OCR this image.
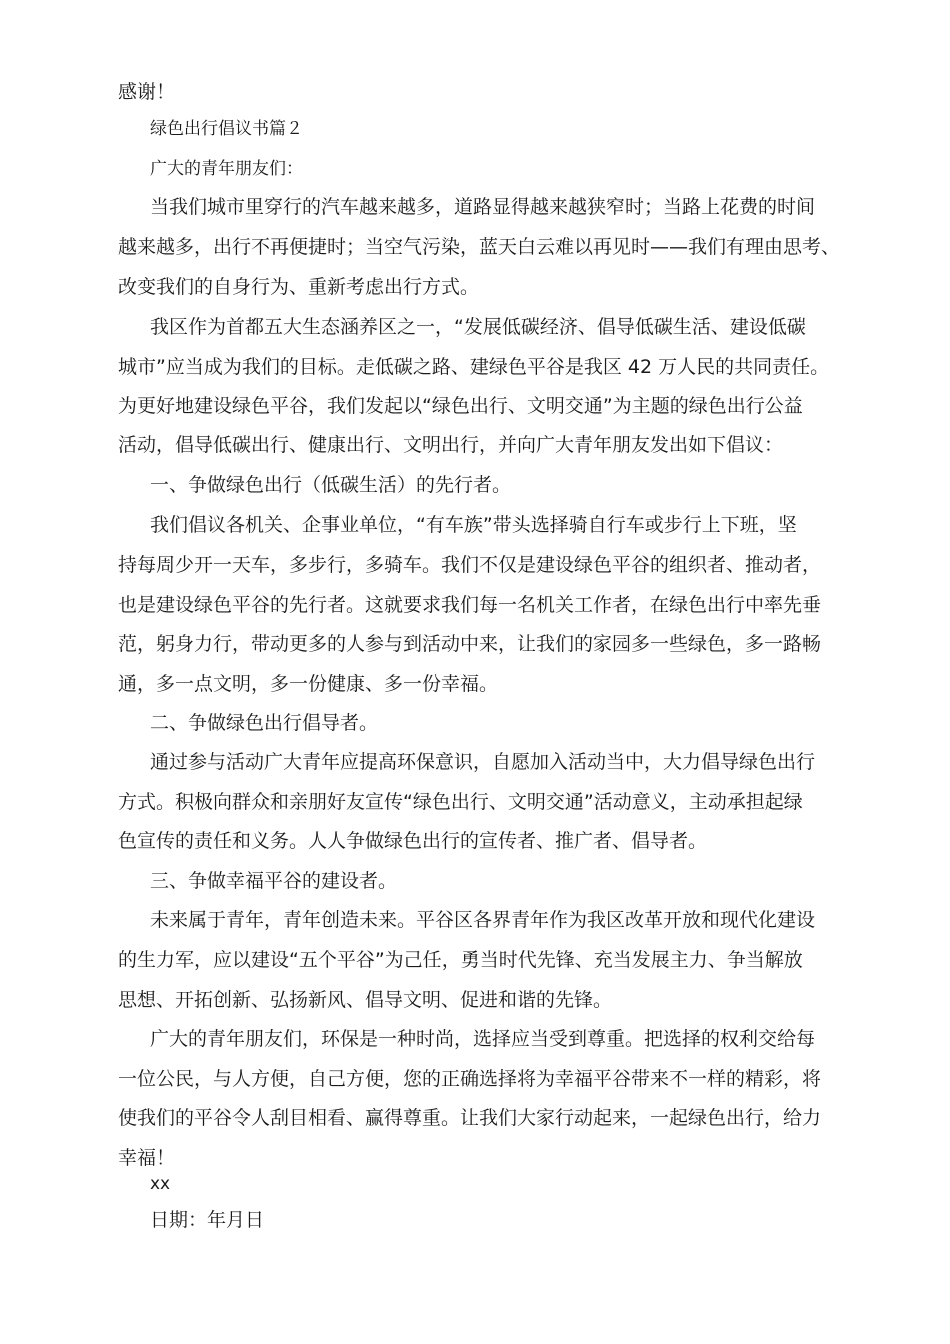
感谢！
绿色出行倡议书篇２
广大的青年朋友们：
当我们城市里穿行的汽车越来越多，道路显得越来越狭窄时；当路上花费的时间
越来越多，出行不再便捷时；当空气污染，蓝天白云难以再见时——我们有理由思考、
改变我们的自身行为、重新考虑出行方式。
我区作为首都五大生态涵养区之一，“发展低碳经济、倡导低碳生活、建设低碳
城市”应当成为我们的目标。走低碳之路、建绿色平谷是我区 42 万人民的共同责任。
为更好地建设绿色平谷，我们发起以“绿色出行、文明交通”为主题的绿色出行公益
活动，倡导低碳出行、健康出行、文明出行，并向广大青年朋友发出如下倡议：
一、争做绿色出行（低碳生活）的先行者。
我们倡议各机关、企事业单位，“有车族”带头选择骑自行车或步行上下班，坚
持每周少开一天车，多步行，多骑车。我们不仅是建设绿色平谷的组织者、推动者，
也是建设绿色平谷的先行者。这就要求我们每一名机关工作者，在绿色出行中率先垂
范，躬身力行，带动更多的人参与到活动中来，让我们的家园多一些绿色，多一路畅
通，多一点文明，多一份健康、多一份幸福。
二、争做绿色出行倡导者。
通过参与活动广大青年应提高环保意识，自愿加入活动当中，大力倡导绿色出行
方式。积极向群众和亲朋好友宣传“绿色出行、文明交通”活动意义，主动承担起绿
色宣传的责任和义务。人人争做绿色出行的宣传者、推广者、倡导者。
三、争做幸福平谷的建设者。
未来属于青年，青年创造未来。平谷区各界青年作为我区改革开放和现代化建设
的生力军，应以建设“五个平谷”为己任，勇当时代先锋、充当发展主力、争当解放
思想、开拓创新、弘扬新风、倡导文明、促进和谐的先锋。
广大的青年朋友们，环保是一种时尚，选择应当受到尊重。把选择的权利交给每
一位公民，与人方便，自己方便，您的正确选择将为幸福平谷带来不一样的精彩，将
使我们的平谷令人刮目相看、赢得尊重。让我们大家行动起来，一起绿色出行，给力
幸福！
xx
日期：年月日
